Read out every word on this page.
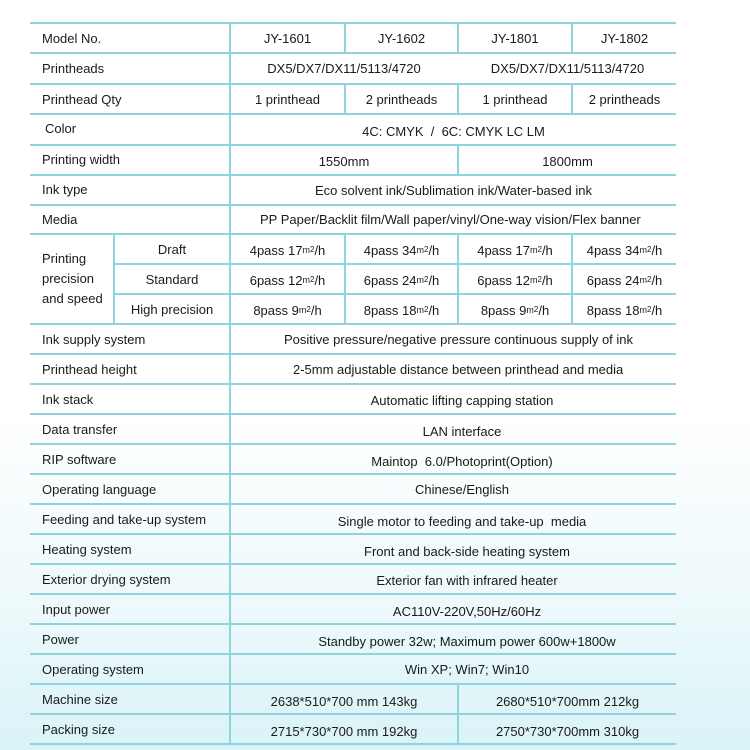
Model No.	JY-1601	JY-1602	JY-1801	JY-1802
Printheads	DX5/DX7/DX11/5113/4720	DX5/DX7/DX11/5113/4720
Printhead Qty	1 printhead	2 printheads	1 printhead	2 printheads
Color	4C: CMYK  /  6C: CMYK LC LM
Printing width	1550mm	1800mm
Ink type	Eco solvent ink/Sublimation ink/Water-based ink
Media	PP Paper/Backlit film/Wall paper/vinyl/One-way vision/Flex banner
Printing
precision
and speed
Draft	4pass 17 m 2 /h	4pass 34 m 2 /h	4pass 17 m 2 /h	4pass 34 m 2 /h
Standard	6pass 12 m 2 /h	6pass 24 m 2 /h	6pass 12 m 2 /h	6pass 24 m 2 /h
High precision	8pass 9 m 2 /h	8pass 18 m 2 /h	8pass 9 m 2 /h	8pass 18 m 2 /h
Ink supply system	Positive pressure/negative pressure continuous supply of ink
Printhead height	2-5mm adjustable distance between printhead and media
Ink stack	Automatic lifting capping station
Data transfer	LAN interface
RIP software	Maintop  6.0/Photoprint(Option)
Operating language	Chinese/English
Feeding and take-up system	Single motor to feeding and take-up  media
Heating system	Front and back-side heating system
Exterior drying system	Exterior fan with infrared heater
Input power	AC110V-220V,50Hz/60Hz
Power	Standby power 32w; Maximum power 600w+1800w
Operating system	Win XP; Win7; Win10
Machine size	2638*510*700 mm 143kg	2680*510*700mm 212kg
Packing size	2715*730*700 mm 192kg	2750*730*700mm 310kg
